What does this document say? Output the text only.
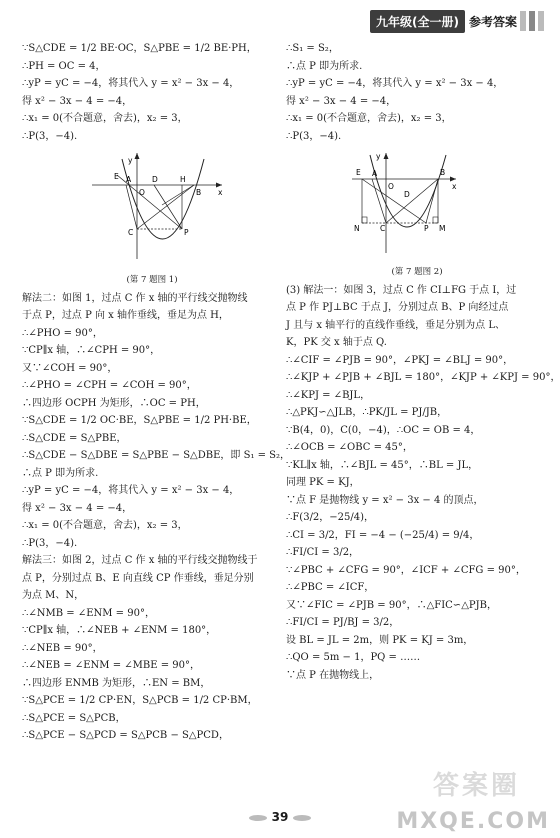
九年级(全一册) 参考答案
∵S△CDE = 1/2 BE·OC，S△PBE = 1/2 BE·PH，
∴PH = OC = 4，
∴yP = yC = −4，将其代入 y = x² − 3x − 4，
得 x² − 3x − 4 = −4，
∴x₁ = 0(不合题意，舍去)，x₂ = 3，
∴P(3，−4).
y
x
E A	D	H
B
O
C	P
(第 7 题图 1)
解法二：如图 1，过点 C 作 x 轴的平行线交抛物线
于点 P，过点 P 向 x 轴作垂线，垂足为点 H，
∴∠PHO = 90°，
∵CP∥x 轴，∴∠CPH = 90°，
又∵∠COH = 90°，
∴∠PHO = ∠CPH = ∠COH = 90°，
∴四边形 OCPH 为矩形，∴OC = PH，
∵S△CDE = 1/2 OC·BE，S△PBE = 1/2 PH·BE，
∴S△CDE = S△PBE，
∴S△CDE − S△DBE = S△PBE − S△DBE，即 S₁ = S₂，
∴点 P 即为所求.
∴yP = yC = −4，将其代入 y = x² − 3x − 4，
得 x² − 3x − 4 = −4，
∴x₁ = 0(不合题意，舍去)，x₂ = 3，
∴P(3，−4).
解法三：如图 2，过点 C 作 x 轴的平行线交抛物线于
点 P，分别过点 B、E 向直线 CP 作垂线，垂足分别
为点 M、N，
∴∠NMB = ∠ENM = 90°，
∵CP∥x 轴，∴∠NEB + ∠ENM = 180°，
∴∠NEB = 90°，
∴∠NEB = ∠ENM = ∠MBE = 90°，
∴四边形 ENMB 为矩形，∴EN = BM，
∵S△PCE = 1/2 CP·EN，S△PCB = 1/2 CP·BM，
∴S△PCE = S△PCB，
∴S△PCE − S△PCD = S△PCB − S△PCD，
∴S₁ = S₂，
∴点 P 即为所求.
∴yP = yC = −4，将其代入 y = x² − 3x − 4，
得 x² − 3x − 4 = −4，
∴x₁ = 0(不合题意，舍去)，x₂ = 3，
∴P(3，−4).
y
x
E A
D
B
O
C	P
N	M
(第 7 题图 2)
(3) 解法一：如图 3，过点 C 作 CI⊥FG 于点 I，过
点 P 作 PJ⊥BC 于点 J，分别过点 B、P 向经过点
J 且与 x 轴平行的直线作垂线，垂足分别为点 L、
K，PK 交 x 轴于点 Q.
∴∠CIF = ∠PJB = 90°，∠PKJ = ∠BLJ = 90°，
∴∠KJP + ∠PJB + ∠BJL = 180°，∠KJP + ∠KPJ = 90°，
∴∠KPJ = ∠BJL，
∴△PKJ∽△JLB，∴PK/JL = PJ/JB，
∵B(4，0)，C(0，−4)，∴OC = OB = 4，
∴∠OCB = ∠OBC = 45°，
∵KL∥x 轴，∴∠BJL = 45°，∴BL = JL，
同理 PK = KJ，
∵点 F 是抛物线 y = x² − 3x − 4 的顶点，
∴F(3/2，−25/4)，
∴CI = 3/2，FI = −4 − (−25/4) = 9/4，
∴FI/CI = 3/2，
∵∠PBC + ∠CFG = 90°，∠ICF + ∠CFG = 90°，
∴∠PBC = ∠ICF，
又∵∠FIC = ∠PJB = 90°，∴△FIC∽△PJB，
∴FI/CI = PJ/BJ = 3/2，
设 BL = JL = 2m，则 PK = KJ = 3m，
∴QO = 5m − 1，PQ = ……
∵点 P 在抛物线上，
39
答案圈
MXQE.COM
